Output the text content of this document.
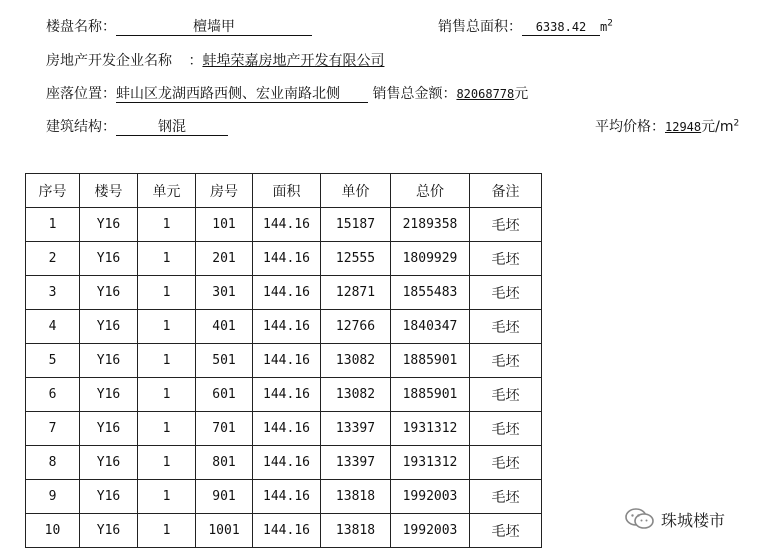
楼盘名称：	檀墙甲	销售总面积： 6338.42 $m^2$
房地产开发企业名称 ：蚌埠荣嘉房地产开发有限公司
座落位置：蚌山区龙湖西路西侧、宏业南路北侧 销售总金额：82068778元
建筑结构：	钢混	平均价格：12948元$/m^2$
序号	楼号	单元	房号	面积	单价	总价	备注
1	Y16	1	101	144.16	15187	2189358	毛坯
2	Y16	1	201	144.16	12555	1809929	毛坯
3	Y16	1	301	144.16	12871	1855483	毛坯
4	Y16	1	401	144.16	12766	1840347	毛坯
5	Y16	1	501	144.16	13082	1885901	毛坯
6	Y16	1	601	144.16	13082	1885901	毛坯
7	Y16	1	701	144.16	13397	1931312	毛坯
8	Y16	1	801	144.16	13397	1931312	毛坯
9	Y16	1	901	144.16	13818	1992003	毛坯
10	Y16	1	1001	144.16	13818	1992003	毛坯
珠城楼市
